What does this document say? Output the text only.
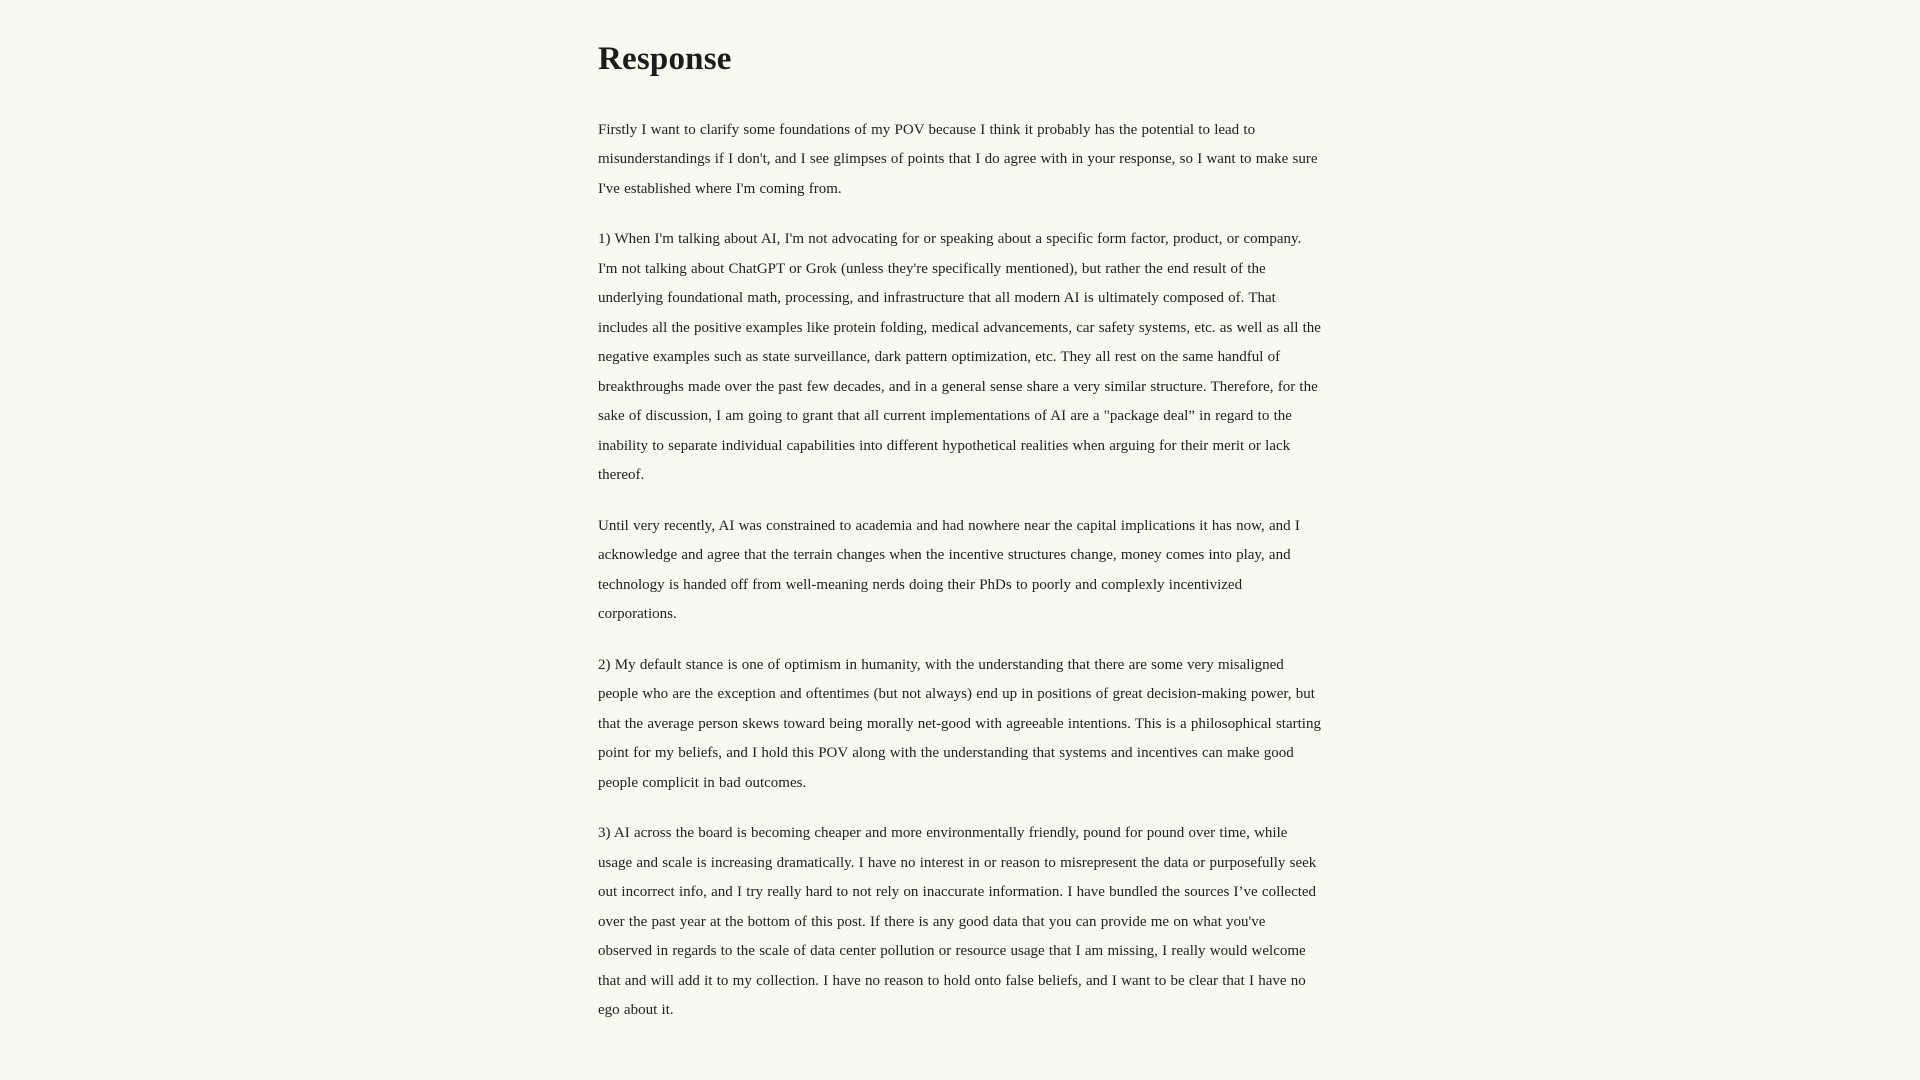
Response

Firstly I want to clarify some foundations of my POV because I think it probably has the potential to lead to misunderstandings if I don't, and I see glimpses of points that I do agree with in your response, so I want to make sure I've established where I'm coming from.

1) When I'm talking about AI, I'm not advocating for or speaking about a specific form factor, product, or company. I'm not talking about ChatGPT or Grok (unless they're specifically mentioned), but rather the end result of the underlying foundational math, processing, and infrastructure that all modern AI is ultimately composed of. That includes all the positive examples like protein folding, medical advancements, car safety systems, etc. as well as all the negative examples such as state surveillance, dark pattern optimization, etc. They all rest on the same handful of breakthroughs made over the past few decades, and in a general sense share a very similar structure. Therefore, for the sake of discussion, I am going to grant that all current implementations of AI are a "package deal” in regard to the inability to separate individual capabilities into different hypothetical realities when arguing for their merit or lack thereof.

Until very recently, AI was constrained to academia and had nowhere near the capital implications it has now, and I acknowledge and agree that the terrain changes when the incentive structures change, money comes into play, and technology is handed off from well-meaning nerds doing their PhDs to poorly and complexly incentivized corporations.

2) My default stance is one of optimism in humanity, with the understanding that there are some very misaligned people who are the exception and oftentimes (but not always) end up in positions of great decision-making power, but that the average person skews toward being morally net-good with agreeable intentions. This is a philosophical starting point for my beliefs, and I hold this POV along with the understanding that systems and incentives can make good people complicit in bad outcomes.

3) AI across the board is becoming cheaper and more environmentally friendly, pound for pound over time, while usage and scale is increasing dramatically. I have no interest in or reason to misrepresent the data or purposefully seek out incorrect info, and I try really hard to not rely on inaccurate information. I have bundled the sources I’ve collected over the past year at the bottom of this post. If there is any good data that you can provide me on what you've observed in regards to the scale of data center pollution or resource usage that I am missing, I really would welcome that and will add it to my collection. I have no reason to hold onto false beliefs, and I want to be clear that I have no ego about it.
